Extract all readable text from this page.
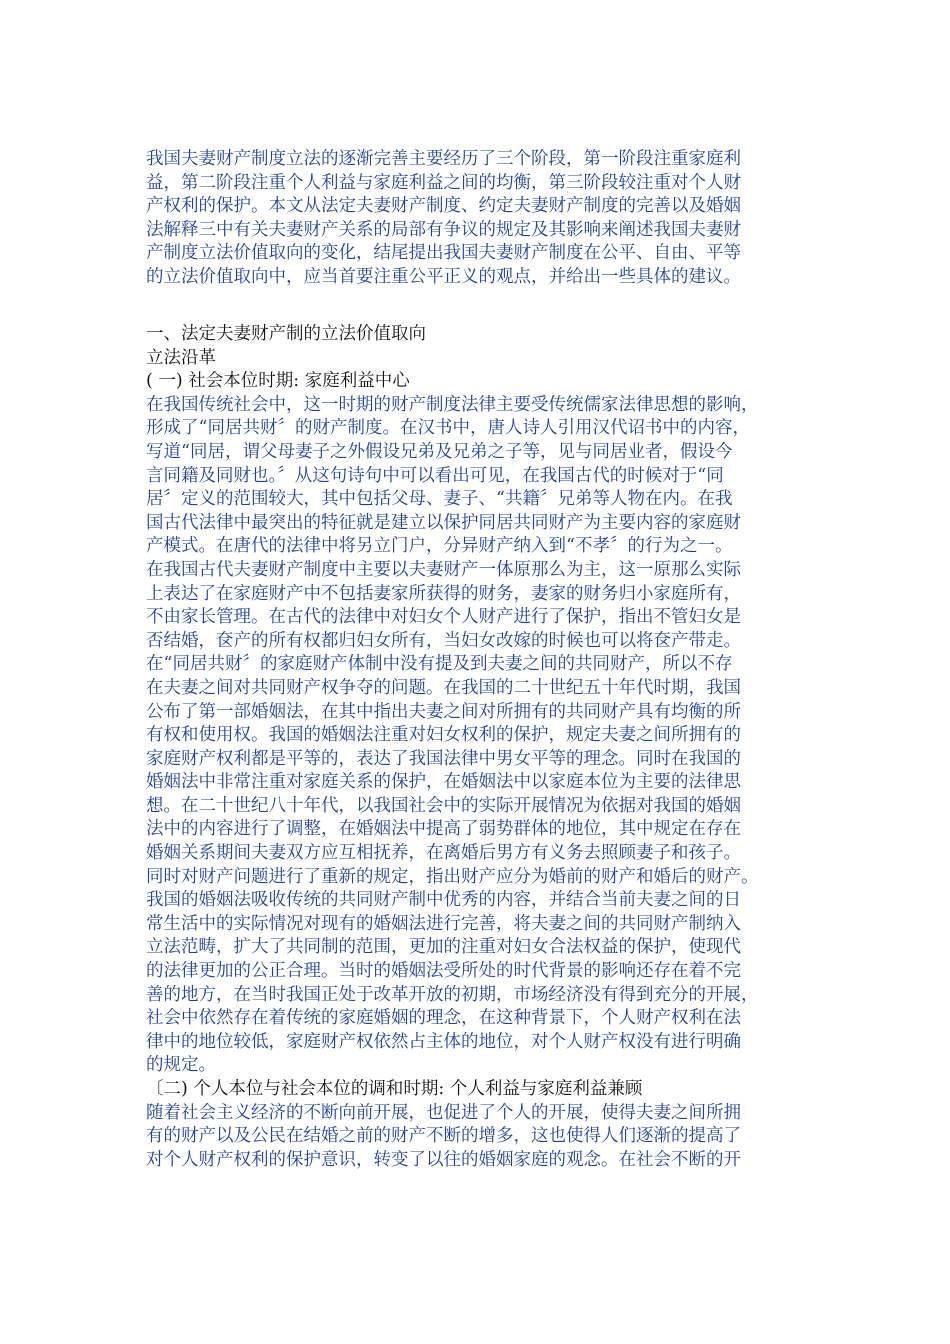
我国夫妻财产制度立法的逐渐完善主要经历了三个阶段，第一阶段注重家庭利
益，第二阶段注重个人利益与家庭利益之间的均衡，第三阶段较注重对个人财
产权利的保护。本文从法定夫妻财产制度、约定夫妻财产制度的完善以及婚姻
法解释三中有关夫妻财产关系的局部有争议的规定及其影响来阐述我国夫妻财
产制度立法价值取向的变化，结尾提出我国夫妻财产制度在公平、自由、平等
的立法价值取向中，应当首要注重公平正义的观点，并给出一些具体的建议。
一、法定夫妻财产制的立法价值取向
立法沿革
( 一) 社会本位时期: 家庭利益中心
在我国传统社会中，这一时期的财产制度法律主要受传统儒家法律思想的影响，
形成了“同居共财〞的财产制度。在汉书中，唐人诗人引用汉代诏书中的内容，
写道“同居，谓父母妻子之外假设兄弟及兄弟之子等，见与同居业者，假设今
言同籍及同财也。〞从这句诗句中可以看出可见，在我国古代的时候对于“同
居〞定义的范围较大，其中包括父母、妻子、“共籍〞兄弟等人物在内。在我
国古代法律中最突出的特征就是建立以保护同居共同财产为主要内容的家庭财
产模式。在唐代的法律中将另立门户，分异财产纳入到“不孝〞的行为之一。
在我国古代夫妻财产制度中主要以夫妻财产一体原那么为主，这一原那么实际
上表达了在家庭财产中不包括妻家所获得的财务，妻家的财务归小家庭所有，
不由家长管理。在古代的法律中对妇女个人财产进行了保护，指出不管妇女是
否结婚，奁产的所有权都归妇女所有，当妇女改嫁的时候也可以将奁产带走。
在“同居共财〞的家庭财产体制中没有提及到夫妻之间的共同财产，所以不存
在夫妻之间对共同财产权争夺的问题。在我国的二十世纪五十年代时期，我国
公布了第一部婚姻法，在其中指出夫妻之间对所拥有的共同财产具有均衡的所
有权和使用权。我国的婚姻法注重对妇女权利的保护，规定夫妻之间所拥有的
家庭财产权利都是平等的，表达了我国法律中男女平等的理念。同时在我国的
婚姻法中非常注重对家庭关系的保护，在婚姻法中以家庭本位为主要的法律思
想。在二十世纪八十年代，以我国社会中的实际开展情况为依据对我国的婚姻
法中的内容进行了调整，在婚姻法中提高了弱势群体的地位，其中规定在存在
婚姻关系期间夫妻双方应互相抚养，在离婚后男方有义务去照顾妻子和孩子。
同时对财产问题进行了重新的规定，指出财产应分为婚前的财产和婚后的财产。
我国的婚姻法吸收传统的共同财产制中优秀的内容，并结合当前夫妻之间的日
常生活中的实际情况对现有的婚姻法进行完善，将夫妻之间的共同财产制纳入
立法范畴，扩大了共同制的范围，更加的注重对妇女合法权益的保护，使现代
的法律更加的公正合理。当时的婚姻法受所处的时代背景的影响还存在着不完
善的地方，在当时我国正处于改革开放的初期，市场经济没有得到充分的开展，
社会中依然存在着传统的家庭婚姻的理念，在这种背景下，个人财产权利在法
律中的地位较低，家庭财产权依然占主体的地位，对个人财产权没有进行明确
的规定。
〔二) 个人本位与社会本位的调和时期: 个人利益与家庭利益兼顾
随着社会主义经济的不断向前开展，也促进了个人的开展，使得夫妻之间所拥
有的财产以及公民在结婚之前的财产不断的增多，这也使得人们逐渐的提高了
对个人财产权利的保护意识，转变了以往的婚姻家庭的观念。在社会不断的开
